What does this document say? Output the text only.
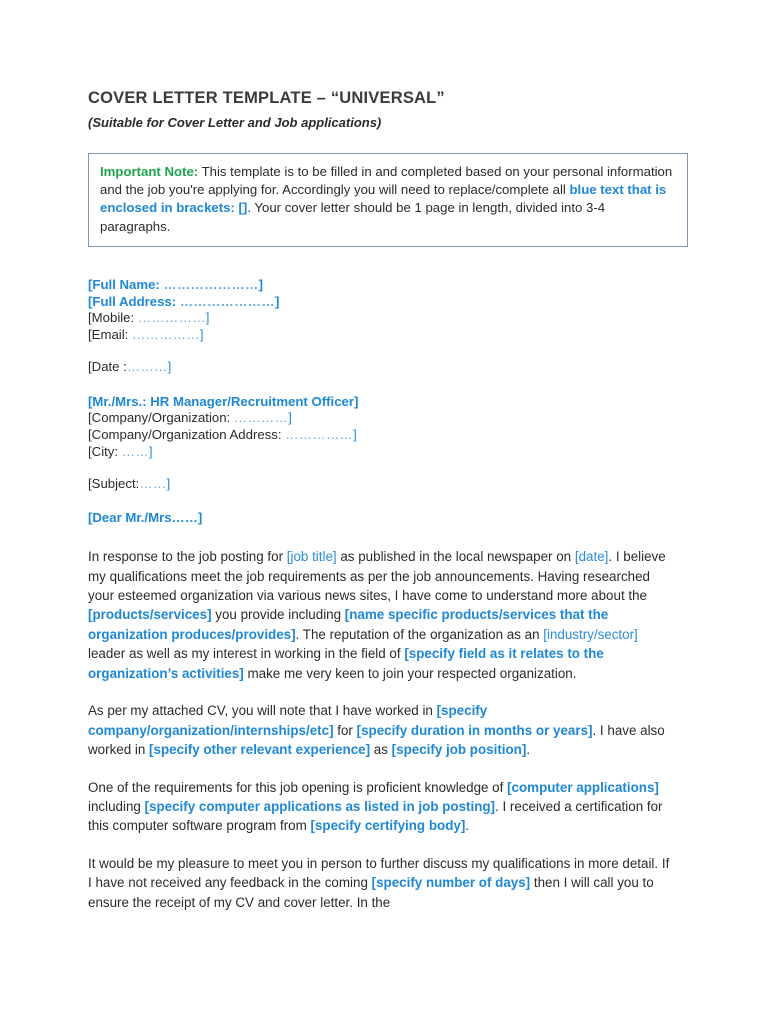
COVER LETTER TEMPLATE – “UNIVERSAL”
(Suitable for Cover Letter and Job applications)

Important Note: This template is to be filled in and completed based on your personal information and the job you're applying for. Accordingly you will need to replace/complete all blue text that is enclosed in brackets: []. Your cover letter should be 1 page in length, divided into 3-4 paragraphs.

[Full Name: …………………]

[Full Address: …………………]

[Mobile: ……………]

[Email: ……………]

[Date :………]

[Mr./Mrs.: HR Manager/Recruitment Officer]

[Company/Organization: …………]

[Company/Organization Address: ……………]

[City: ……]

[Subject:……]

[Dear Mr./Mrs……]

In response to the job posting for [job title] as published in the local newspaper on [date]. I believe my qualifications meet the job requirements as per the job announcements. Having researched your esteemed organization via various news sites, I have come to understand more about the [products/services] you provide including [name specific products/services that the organization produces/provides]. The reputation of the organization as an [industry/sector] leader as well as my interest in working in the field of [specify field as it relates to the organization’s activities] make me very keen to join your respected organization.

As per my attached CV, you will note that I have worked in [specify company/organization/internships/etc] for [specify duration in months or years]. I have also worked in [specify other relevant experience] as [specify job position].

One of the requirements for this job opening is proficient knowledge of [computer applications] including [specify computer applications as listed in job posting]. I received a certification for this computer software program from [specify certifying body].

It would be my pleasure to meet you in person to further discuss my qualifications in more detail. If I have not received any feedback in the coming [specify number of days] then I will call you to ensure the receipt of my CV and cover letter. In the
